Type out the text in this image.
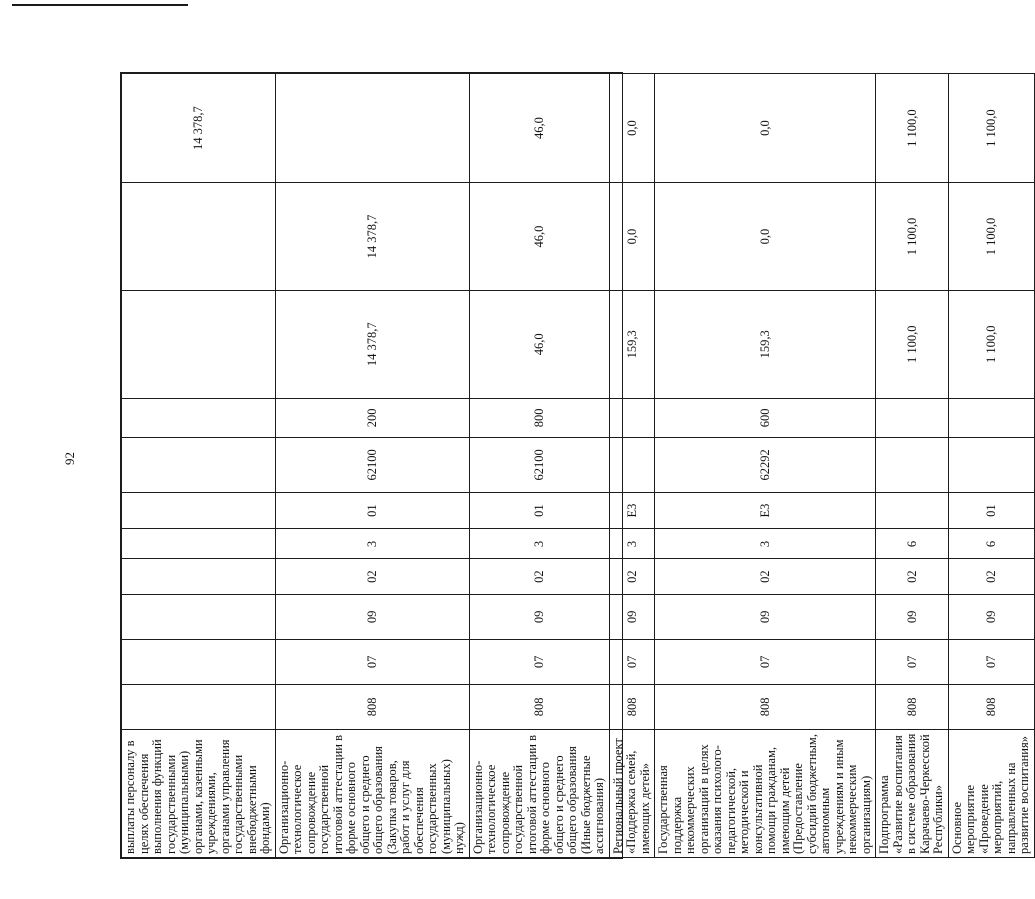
92
выплаты персоналу в целях обеспечения выполнения функций государственными (муниципальными) органами, казенными учреждениями, органами управления государственными внебюджетными фондами)											14 378,7
Организационно-технологическое сопровождение государственной итоговой аттестации в форме основного общего и среднего общего образования (Закупка товаров, работ и услуг для обеспечения государственных (муниципальных) нужд)	808	07	09	02	3	01	62100	200	14 378,7	14 378,7	
Организационно-технологическое сопровождение государственной итоговой аттестации в форме основного общего и среднего общего образования (Иные бюджетные ассигнования)	808	07	09	02	3	01	62100	800	46,0	46,0	46,0
Региональный проект «Поддержка семей, имеющих детей»	808	07	09	02	3	Е3			159,3	0,0	0,0
Государственная поддержка некоммерческих организаций в целях оказания психолого-педагогической, методической и консультативной помощи гражданам, имеющим детей (Предоставление субсидий бюджетным, автономным учреждениям и иным некоммерческим организациям)	808	07	09	02	3	Е3	62292	600	159,3	0,0	0,0
Подпрограмма «Развитие воспитания в системе образования Карачаево-Черкесской Республики»	808	07	09	02	6				1 100,0	1 100,0	1 100,0
Основное мероприятие «Проведение мероприятий, направленных на развитие воспитания»	808	07	09	02	6	01			1 100,0	1 100,0	1 100,0
